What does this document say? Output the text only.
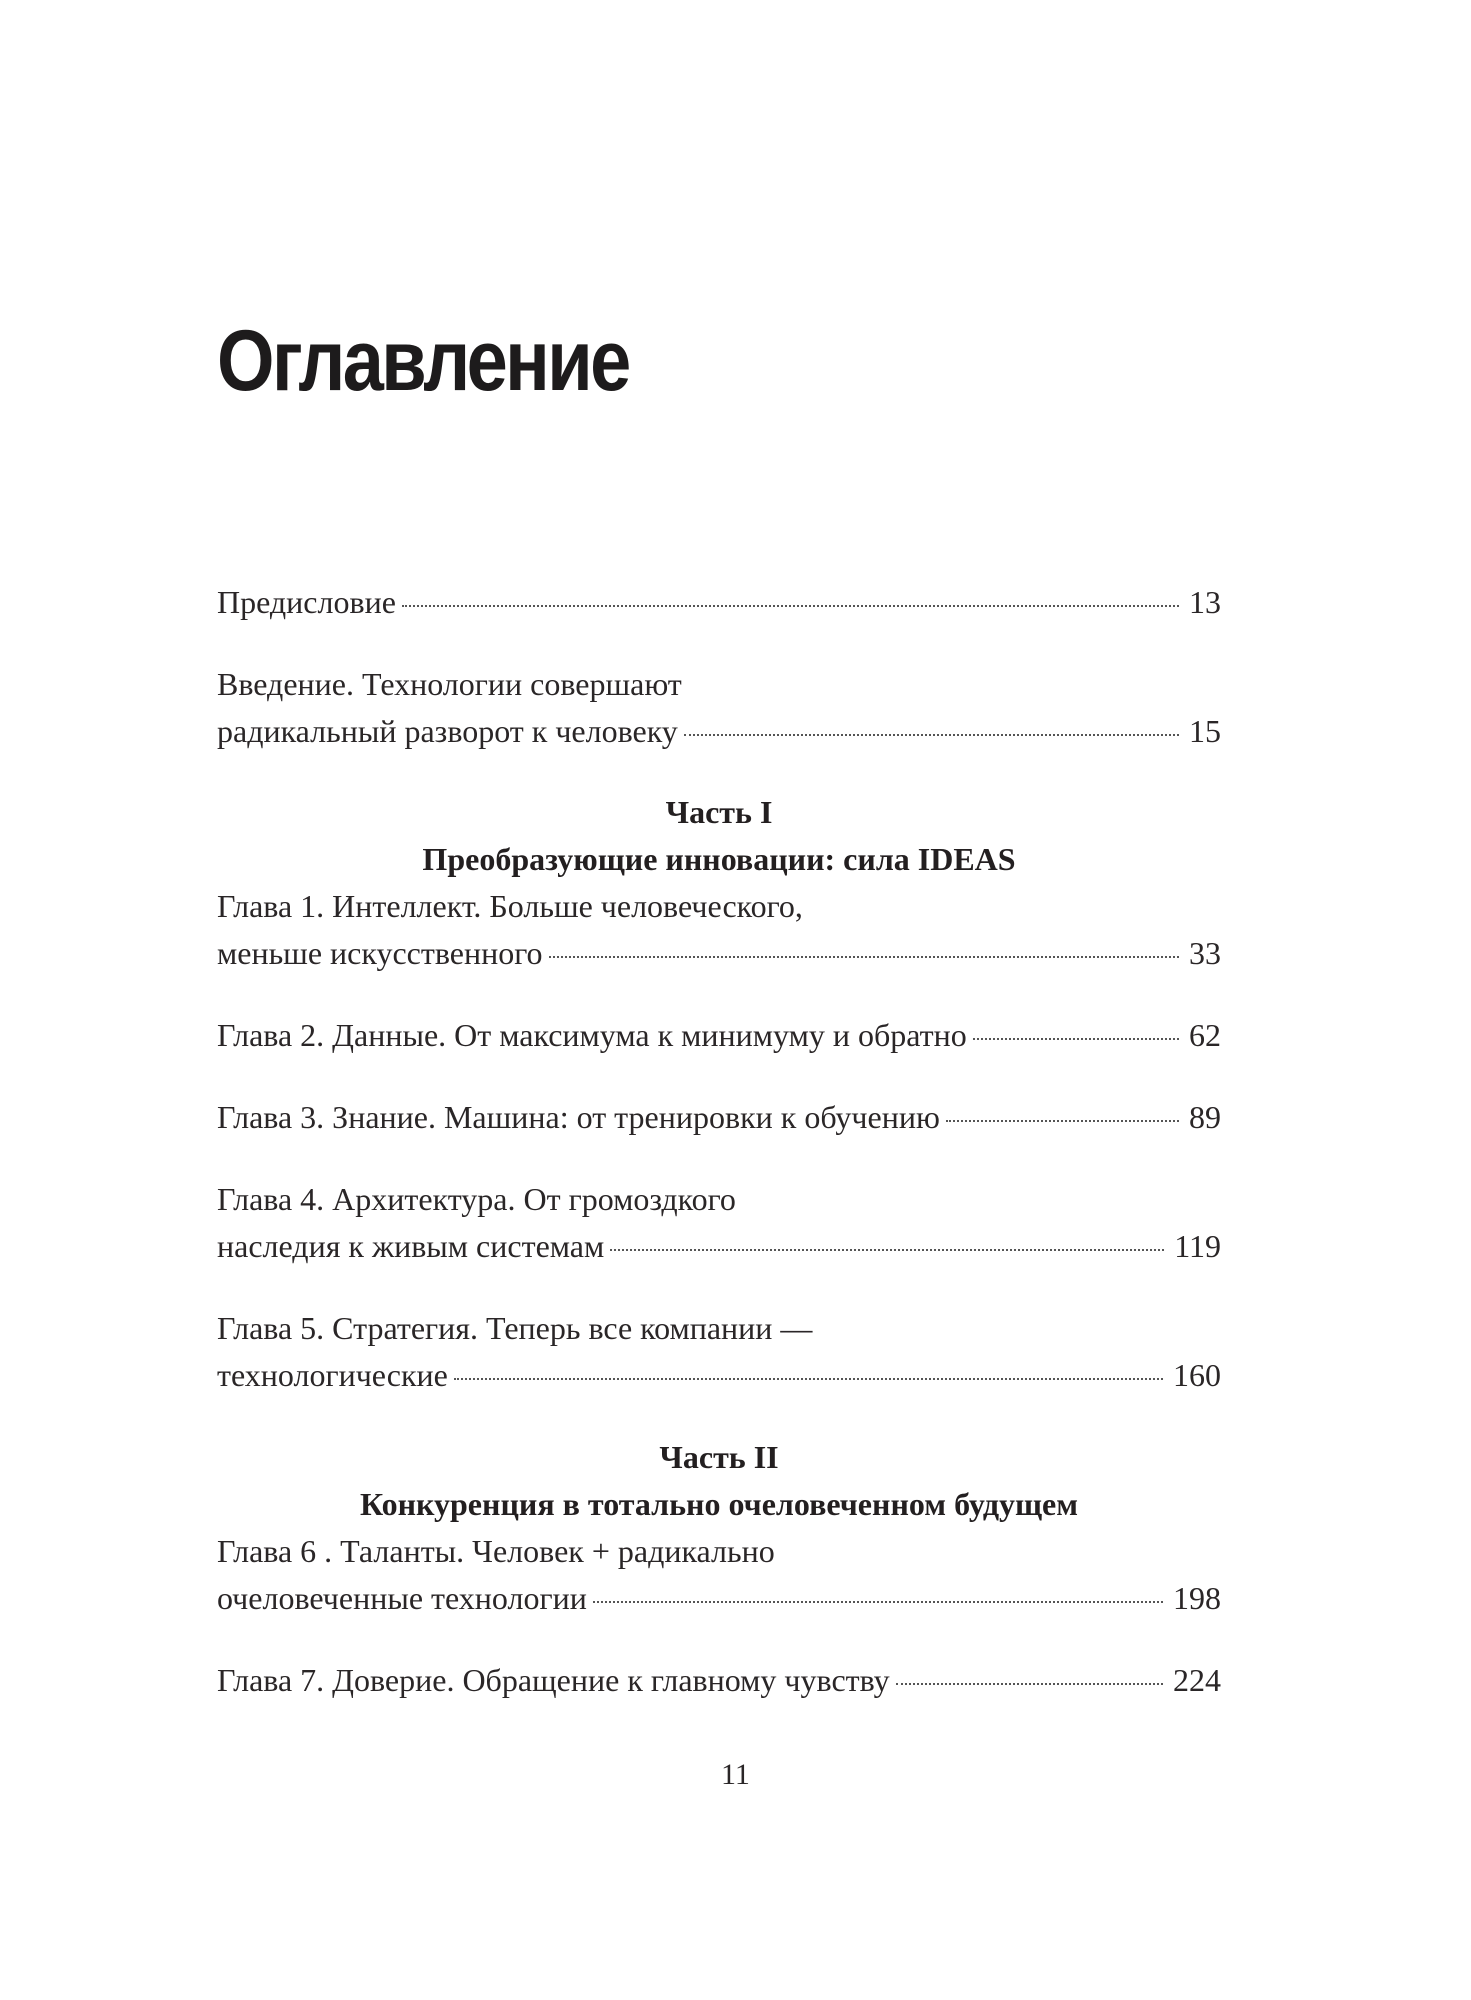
Оглавление
Предисловие	13
Введение. Технологии совершают
радикальный разворот к человеку	15
Часть I
Преобразующие инновации: сила IDEAS
Глава 1. Интеллект. Больше человеческого,
меньше искусственного	33
Глава 2. Данные. От максимума к минимуму и обратно	62
Глава 3. Знание. Машина: от тренировки к обучению	89
Глава 4. Архитектура. От громоздкого
наследия к живым системам	119
Глава 5. Стратегия. Теперь все компании —
технологические	160
Часть II
Конкуренция в тотально очеловеченном будущем
Глава 6 . Таланты. Человек + радикально
очеловеченные технологии	198
Глава 7. Доверие. Обращение к главному чувству	224
11
